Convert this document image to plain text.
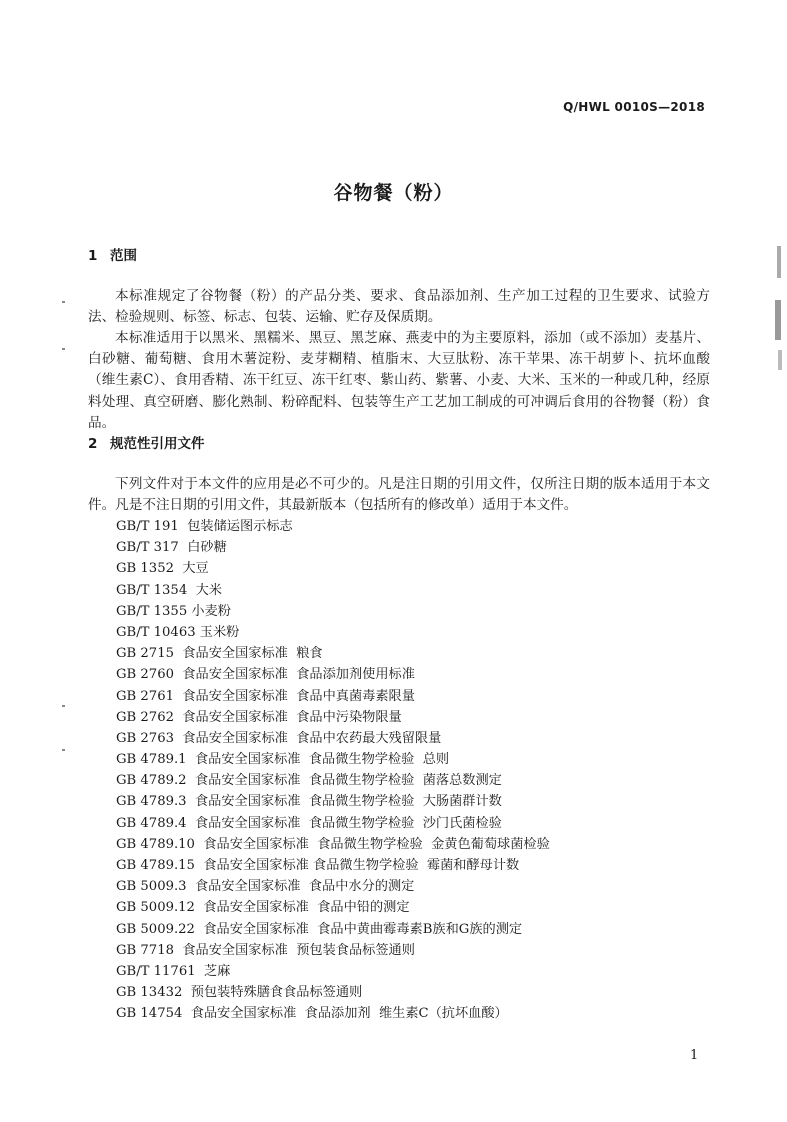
Q/HWL 0010S—2018
谷物餐（粉）
1 范围
本标准规定了谷物餐（粉）的产品分类、要求、食品添加剂、生产加工过程的卫生要求、试验方法、检验规则、标签、标志、包装、运输、贮存及保质期。
本标准适用于以黑米、黑糯米、黑豆、黑芝麻、燕麦中的为主要原料，添加（或不添加）麦基片、白砂糖、葡萄糖、食用木薯淀粉、麦芽糊精、植脂末、大豆肽粉、冻干苹果、冻干胡萝卜、抗坏血酸（维生素C）、食用香精、冻干红豆、冻干红枣、紫山药、紫薯、小麦、大米、玉米的一种或几种，经原料处理、真空研磨、膨化熟制、粉碎配料、包装等生产工艺加工制成的可冲调后食用的谷物餐（粉）食品。
2 规范性引用文件
下列文件对于本文件的应用是必不可少的。凡是注日期的引用文件，仅所注日期的版本适用于本文件。凡是不注日期的引用文件，其最新版本（包括所有的修改单）适用于本文件。
GB/T 191  包装储运图示标志
GB/T 317  白砂糖
GB 1352  大豆
GB/T 1354  大米
GB/T 1355 小麦粉
GB/T 10463 玉米粉
GB 2715  食品安全国家标准  粮食
GB 2760  食品安全国家标准  食品添加剂使用标准
GB 2761  食品安全国家标准  食品中真菌毒素限量
GB 2762  食品安全国家标准  食品中污染物限量
GB 2763  食品安全国家标准  食品中农药最大残留限量
GB 4789.1  食品安全国家标准  食品微生物学检验  总则
GB 4789.2  食品安全国家标准  食品微生物学检验  菌落总数测定
GB 4789.3  食品安全国家标准  食品微生物学检验  大肠菌群计数
GB 4789.4  食品安全国家标准  食品微生物学检验  沙门氏菌检验
GB 4789.10  食品安全国家标准  食品微生物学检验  金黄色葡萄球菌检验
GB 4789.15  食品安全国家标准 食品微生物学检验  霉菌和酵母计数
GB 5009.3  食品安全国家标准  食品中水分的测定
GB 5009.12  食品安全国家标准  食品中铅的测定
GB 5009.22  食品安全国家标准  食品中黄曲霉毒素B族和G族的测定
GB 7718  食品安全国家标准  预包装食品标签通则
GB/T 11761  芝麻
GB 13432  预包装特殊膳食食品标签通则
GB 14754  食品安全国家标准  食品添加剂  维生素C（抗坏血酸）
1
